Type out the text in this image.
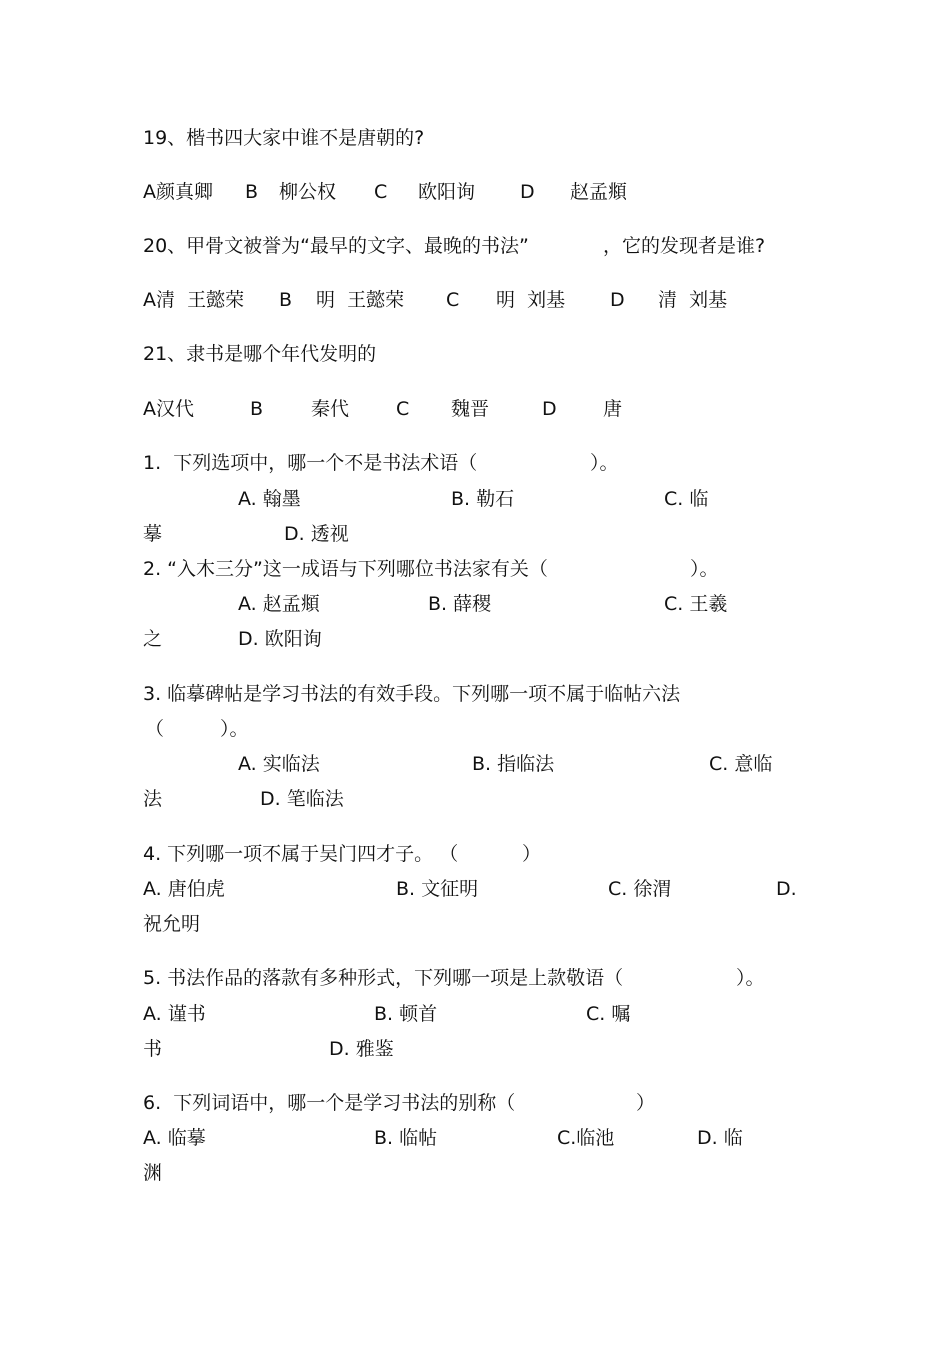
19、楷书四大家中谁不是唐朝的?
A颜真卿 B 柳公权 C 欧阳询 D 赵孟頫
20、甲骨文被誉为“最早的文字、最晚的书法”	，它的发现者是谁?
A清  王懿荣 B 明  王懿荣 C 明  刘基 D 清  刘基
21、隶书是哪个年代发明的
A汉代	B	秦代 C 魏晋	D 唐
1.  下列选项中，哪一个不是书法术语（	）。
A. 翰墨	B. 勒石	C. 临
摹	D. 透视
2. “入木三分”这一成语与下列哪位书法家有关（	）。
A. 赵孟頫	B. 薛稷	C. 王羲
之	D. 欧阳询
3. 临摹碑帖是学习书法的有效手段。下列哪一项不属于临帖六法
（	）。
A. 实临法	B. 指临法	C. 意临
法	D. 笔临法
4. 下列哪一项不属于吴门四才子。 （	）
A. 唐伯虎	B. 文征明	C. 徐渭	D.
祝允明
5. 书法作品的落款有多种形式，下列哪一项是上款敬语（	）。
A. 谨书	B. 顿首	C. 嘱
书	D. 雅鉴
6.  下列词语中，哪一个是学习书法的别称（	）
A. 临摹	B. 临帖	C.临池	D. 临
渊
